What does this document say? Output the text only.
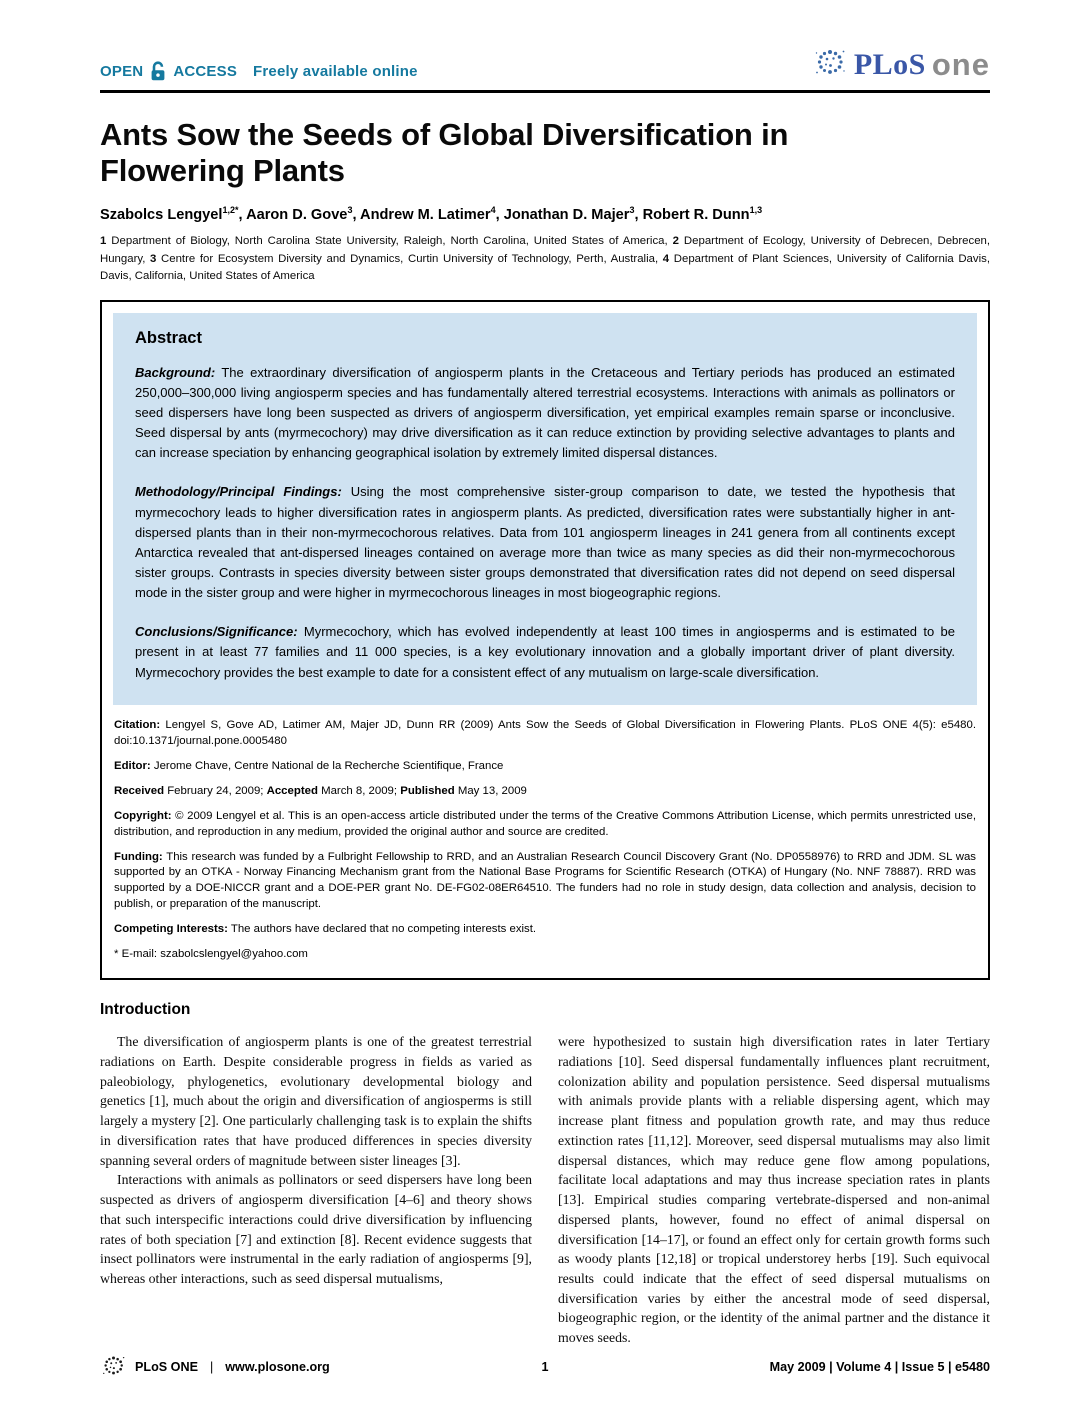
OPEN ACCESS Freely available online	PLoS one
Ants Sow the Seeds of Global Diversification in Flowering Plants
Szabolcs Lengyel$^{1,2*}$, Aaron D. Gove$^3$, Andrew M. Latimer$^4$, Jonathan D. Majer$^3$, Robert R. Dunn$^{1,3}$
1 Department of Biology, North Carolina State University, Raleigh, North Carolina, United States of America, 2 Department of Ecology, University of Debrecen, Debrecen, Hungary, 3 Centre for Ecosystem Diversity and Dynamics, Curtin University of Technology, Perth, Australia, 4 Department of Plant Sciences, University of California Davis, Davis, California, United States of America
Abstract

Background: The extraordinary diversification of angiosperm plants in the Cretaceous and Tertiary periods has produced an estimated 250,000–300,000 living angiosperm species and has fundamentally altered terrestrial ecosystems. Interactions with animals as pollinators or seed dispersers have long been suspected as drivers of angiosperm diversification, yet empirical examples remain sparse or inconclusive. Seed dispersal by ants (myrmecochory) may drive diversification as it can reduce extinction by providing selective advantages to plants and can increase speciation by enhancing geographical isolation by extremely limited dispersal distances.

Methodology/Principal Findings: Using the most comprehensive sister-group comparison to date, we tested the hypothesis that myrmecochory leads to higher diversification rates in angiosperm plants. As predicted, diversification rates were substantially higher in ant-dispersed plants than in their non-myrmecochorous relatives. Data from 101 angiosperm lineages in 241 genera from all continents except Antarctica revealed that ant-dispersed lineages contained on average more than twice as many species as did their non-myrmecochorous sister groups. Contrasts in species diversity between sister groups demonstrated that diversification rates did not depend on seed dispersal mode in the sister group and were higher in myrmecochorous lineages in most biogeographic regions.

Conclusions/Significance: Myrmecochory, which has evolved independently at least 100 times in angiosperms and is estimated to be present in at least 77 families and 11 000 species, is a key evolutionary innovation and a globally important driver of plant diversity. Myrmecochory provides the best example to date for a consistent effect of any mutualism on large-scale diversification.

Citation: Lengyel S, Gove AD, Latimer AM, Majer JD, Dunn RR (2009) Ants Sow the Seeds of Global Diversification in Flowering Plants. PLoS ONE 4(5): e5480. doi:10.1371/journal.pone.0005480

Editor: Jerome Chave, Centre National de la Recherche Scientifique, France

Received February 24, 2009; Accepted March 8, 2009; Published May 13, 2009

Copyright: © 2009 Lengyel et al. This is an open-access article distributed under the terms of the Creative Commons Attribution License, which permits unrestricted use, distribution, and reproduction in any medium, provided the original author and source are credited.

Funding: This research was funded by a Fulbright Fellowship to RRD, and an Australian Research Council Discovery Grant (No. DP0558976) to RRD and JDM. SL was supported by an OTKA - Norway Financing Mechanism grant from the National Base Programs for Scientific Research (OTKA) of Hungary (No. NNF 78887). RRD was supported by a DOE-NICCR grant and a DOE-PER grant No. DE-FG02-08ER64510. The funders had no role in study design, data collection and analysis, decision to publish, or preparation of the manuscript.

Competing Interests: The authors have declared that no competing interests exist.

* E-mail: szabolcslengyel@yahoo.com

Introduction

The diversification of angiosperm plants is one of the greatest terrestrial radiations on Earth. Despite considerable progress in fields as varied as paleobiology, phylogenetics, evolutionary developmental biology and genetics [1], much about the origin and diversification of angiosperms is still largely a mystery [2]. One particularly challenging task is to explain the shifts in diversification rates that have produced differences in species diversity spanning several orders of magnitude between sister lineages [3].

Interactions with animals as pollinators or seed dispersers have long been suspected as drivers of angiosperm diversification [4–6] and theory shows that such interspecific interactions could drive diversification by influencing rates of both speciation [7] and extinction [8]. Recent evidence suggests that insect pollinators were instrumental in the early radiation of angiosperms [9], whereas other interactions, such as seed dispersal mutualisms,

were hypothesized to sustain high diversification rates in later Tertiary radiations [10]. Seed dispersal fundamentally influences plant recruitment, colonization ability and population persistence. Seed dispersal mutualisms with animals provide plants with a reliable dispersing agent, which may increase plant fitness and population growth rate, and may thus reduce extinction rates [11,12]. Moreover, seed dispersal mutualisms may also limit dispersal distances, which may reduce gene flow among populations, facilitate local adaptations and may thus increase speciation rates in plants [13]. Empirical studies comparing vertebrate-dispersed and non-animal dispersed plants, however, found no effect of animal dispersal on diversification [14–17], or found an effect only for certain growth forms such as woody plants [12,18] or tropical understorey herbs [19]. Such equivocal results could indicate that the effect of seed dispersal mutualisms on diversification varies by either the ancestral mode of seed dispersal, biogeographic region, or the identity of the animal partner and the distance it moves seeds.

PLoS ONE | www.plosone.org	1	May 2009 | Volume 4 | Issue 5 | e5480
